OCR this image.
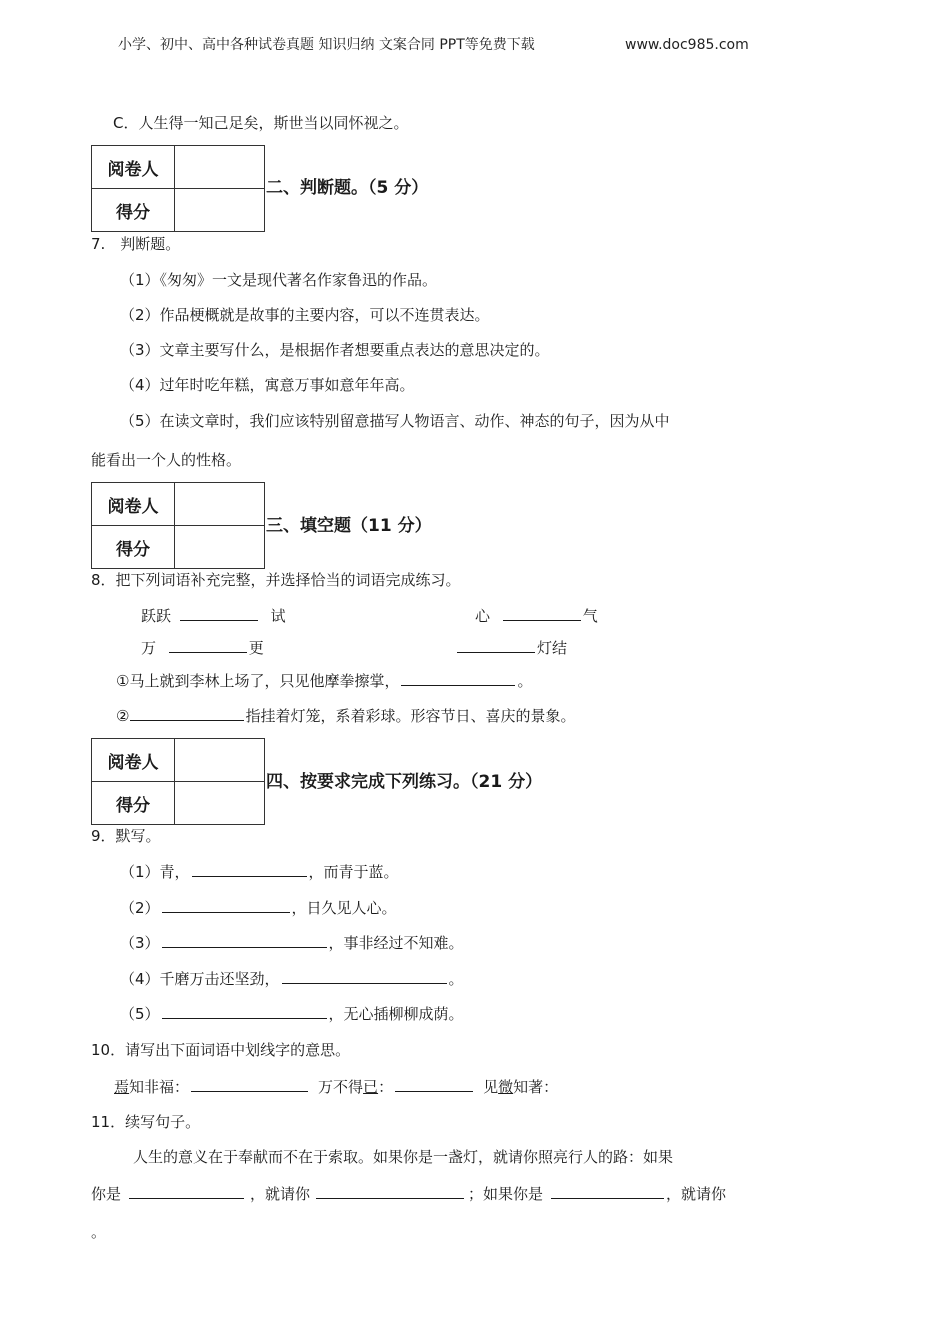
小学、初中、高中各种试卷真题 知识归纳 文案合同 PPT等免费下载	www.doc985.com
C．人生得一知己足矣，斯世当以同怀视之。
阅卷人	
得分	
二、判断题。（5 分）
7.　判断题。
（1）《匆匆》一文是现代著名作家鲁迅的作品。
（2）作品梗概就是故事的主要内容，可以不连贯表达。
（3）文章主要写什么，是根据作者想要重点表达的意思决定的。
（4）过年时吃年糕，寓意万事如意年年高。
（5）在读文章时，我们应该特别留意描写人物语言、动作、神态的句子，因为从中
能看出一个人的性格。
阅卷人	
得分	
三、填空题（11 分）
8．把下列词语补充完整，并选择恰当的词语完成练习。
跃跃	试	心	气
万	更	灯结
①马上就到李林上场了，只见他摩拳擦掌，	。
②	指挂着灯笼，系着彩球。形容节日、喜庆的景象。
阅卷人	
得分	
四、按要求完成下列练习。（21 分）
9．默写。
（1）青，	，而青于蓝。
（2）	，日久见人心。
（3）	，事非经过不知难。
（4）千磨万击还坚劲，	。
（5）	，无心插柳柳成荫。
10．请写出下面词语中划线字的意思。
焉知非福：	万不得已：	见微知著：
11．续写句子。
人生的意义在于奉献而不在于索取。如果你是一盏灯，就请你照亮行人的路：如果
你是	，就请你	；如果你是	，就请你
。
